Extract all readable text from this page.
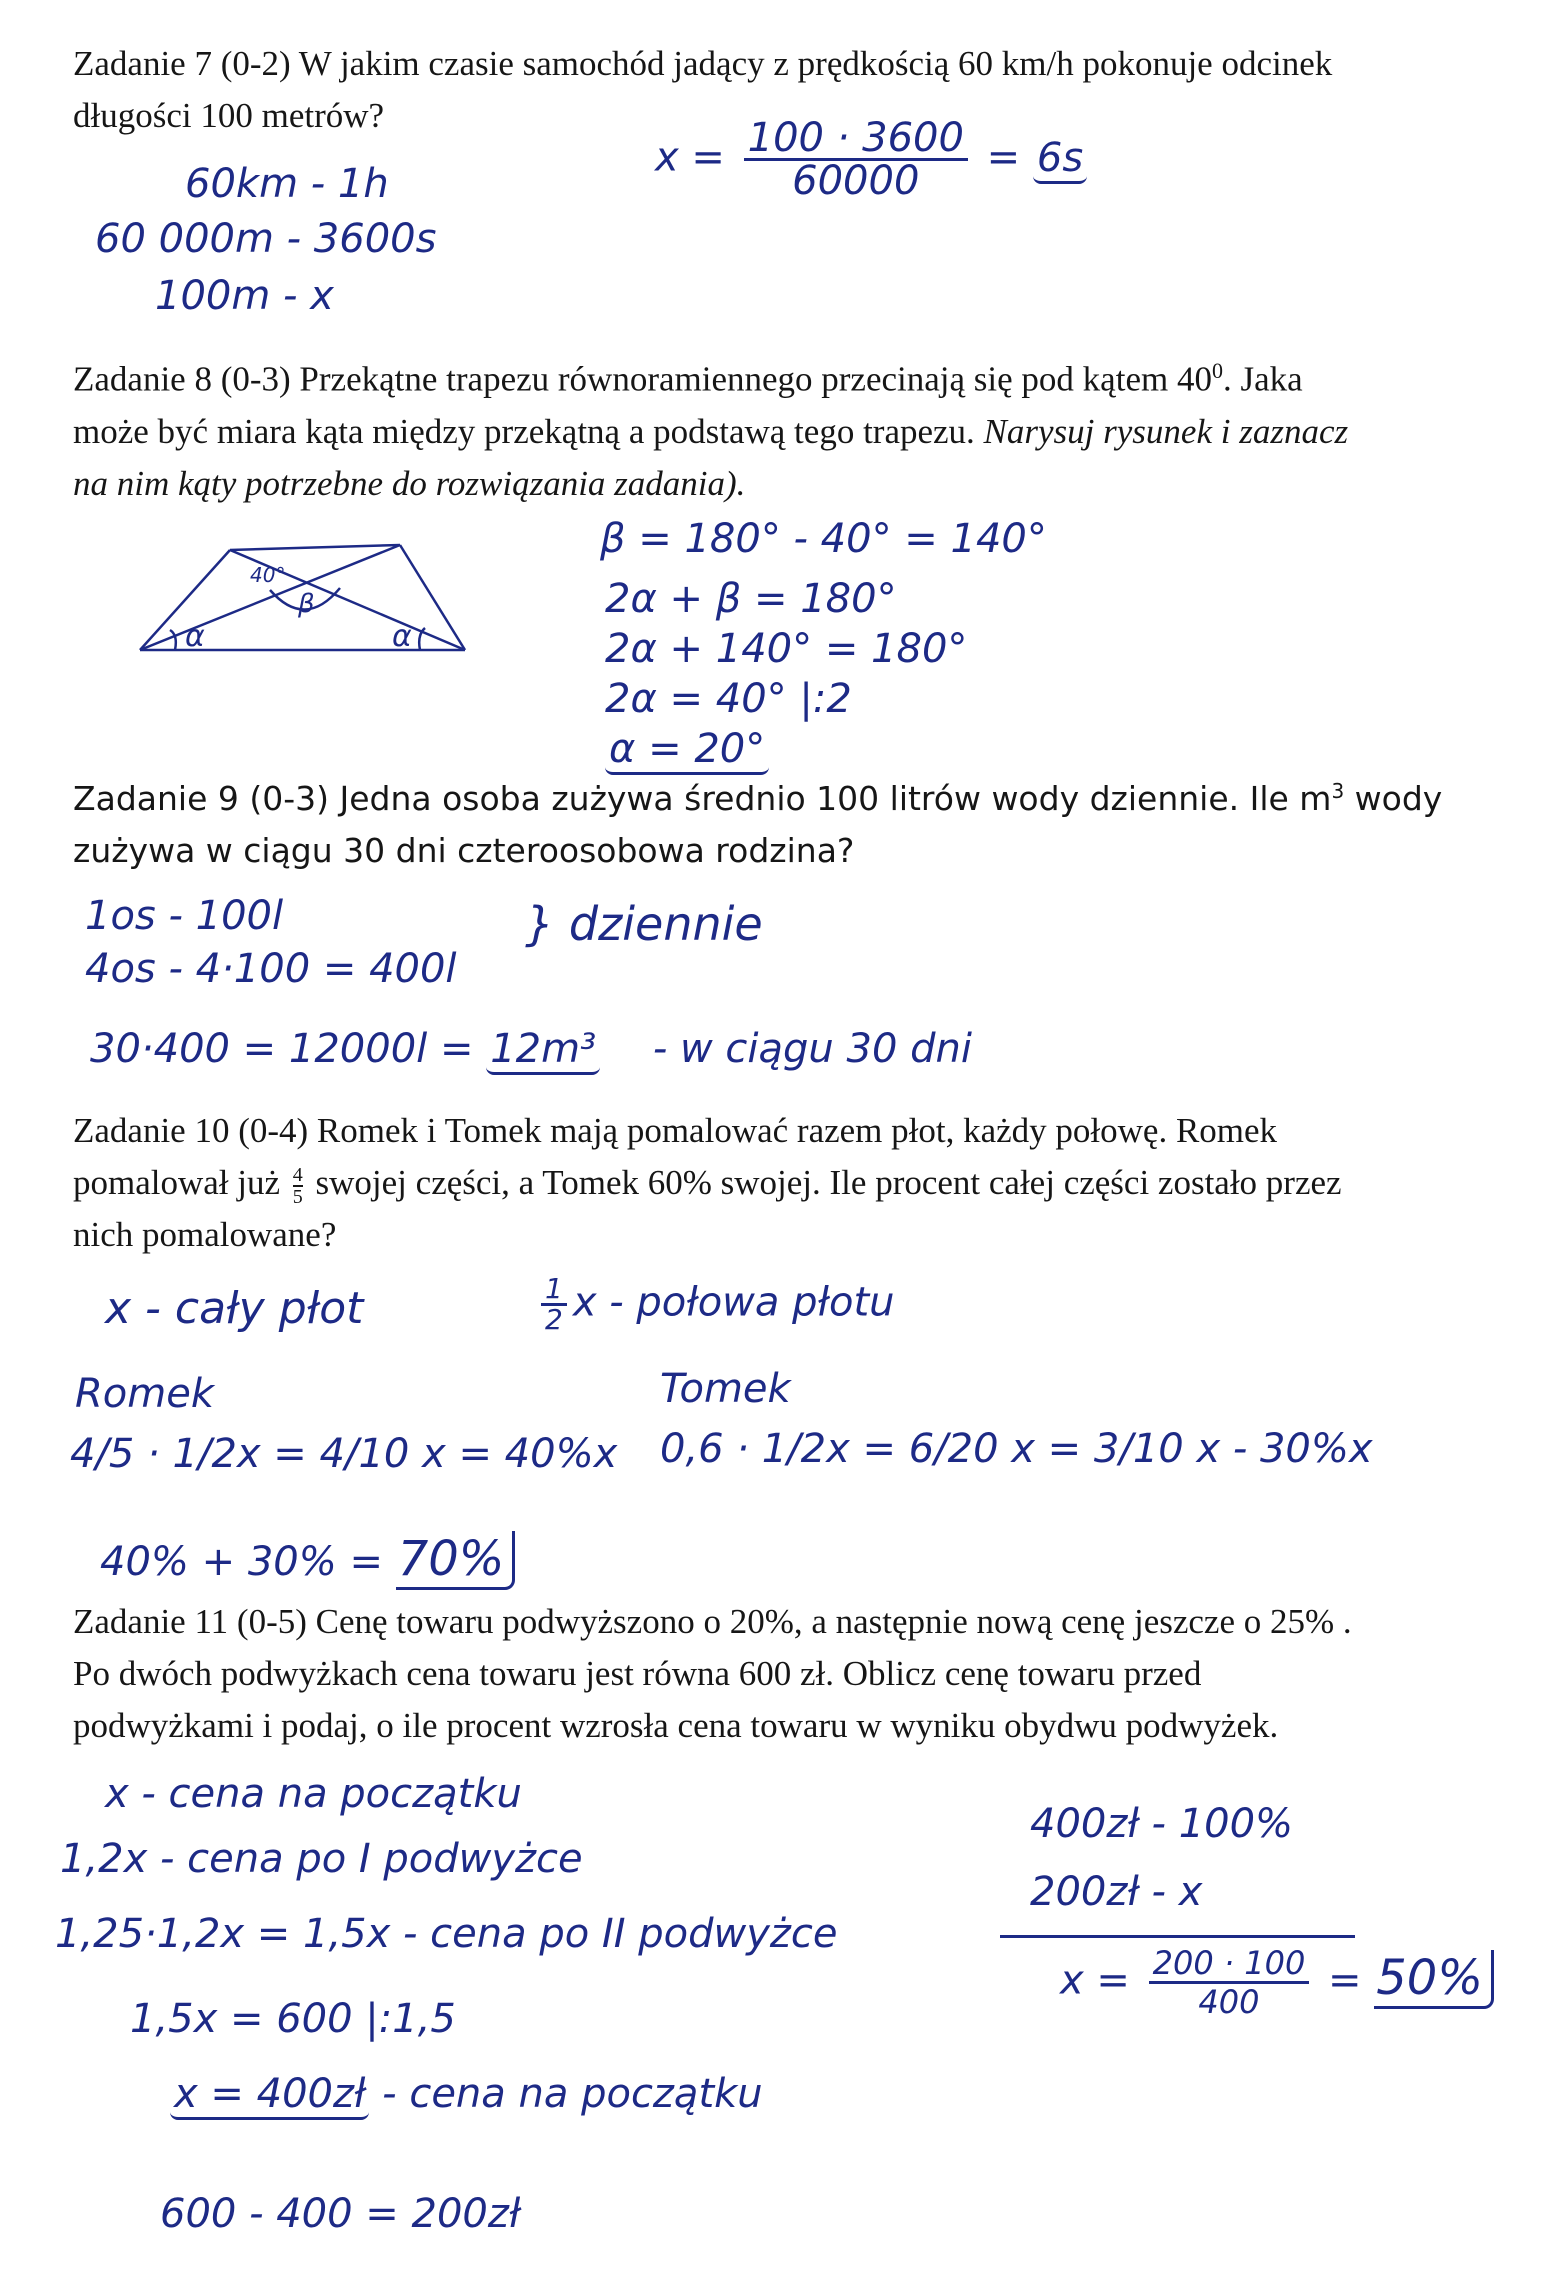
Zadanie 7 (0-2) W jakim czasie samochód jadący z prędkością 60 km/h pokonuje odcinek
długości 100 metrów?
60km - 1h
60 000m - 3600s
100m - x
$x = \frac{100 \cdot 3600}{60000} = 6s$
Zadanie 8 (0-3) Przekątne trapezu równoramiennego przecinają się pod kątem $40^0$. Jaka
może być miara kąta między przekątną a podstawą tego trapezu. Narysuj rysunek i zaznacz
na nim kąty potrzebne do rozwiązania zadania).
40°
β
α	α
β = 180° - 40° = 140°
2α + β = 180°
2α + 140° = 180°
2α = 40° |:2
α = 20°
Zadanie 9 (0-3) Jedna osoba zużywa średnio 100 litrów wody dziennie. Ile $m^3$ wody
zużywa w ciągu 30 dni czteroosobowa rodzina?
1os - 100l
4os - 4·100 = 400l
} dziennie
30·400 = 12000l = 12m³ - w ciągu 30 dni
Zadanie 10 (0-4) Romek i Tomek mają pomalować razem płot, każdy połowę. Romek
pomalował już $\frac{4}{5}$ swojej części, a Tomek 60% swojej. Ile procent całej części zostało przez
nich pomalowane?
x - cały płot	$\frac{1}{2}$ x - połowa płotu
Romek	Tomek
4/5 · 1/2x = 4/10 x = 40%x 0,6 · 1/2x = 6/20 x = 3/10 x - 30%x
40% + 30% = 70%
Zadanie 11 (0-5) Cenę towaru podwyższono o 20%, a następnie nową cenę jeszcze o 25% .
Po dwóch podwyżkach cena towaru jest równa 600 zł. Oblicz cenę towaru przed
podwyżkami i podaj, o ile procent wzrosła cena towaru w wyniku obydwu podwyżek.
x - cena na początku
1,2x - cena po I podwyżce
1,25·1,2x = 1,5x - cena po II podwyżce
1,5x = 600 |:1,5
x = 400zł - cena na początku
600 - 400 = 200zł
400zł - 100%
200zł - x
$x = \frac{200 \cdot 100}{400} = 50\%$
